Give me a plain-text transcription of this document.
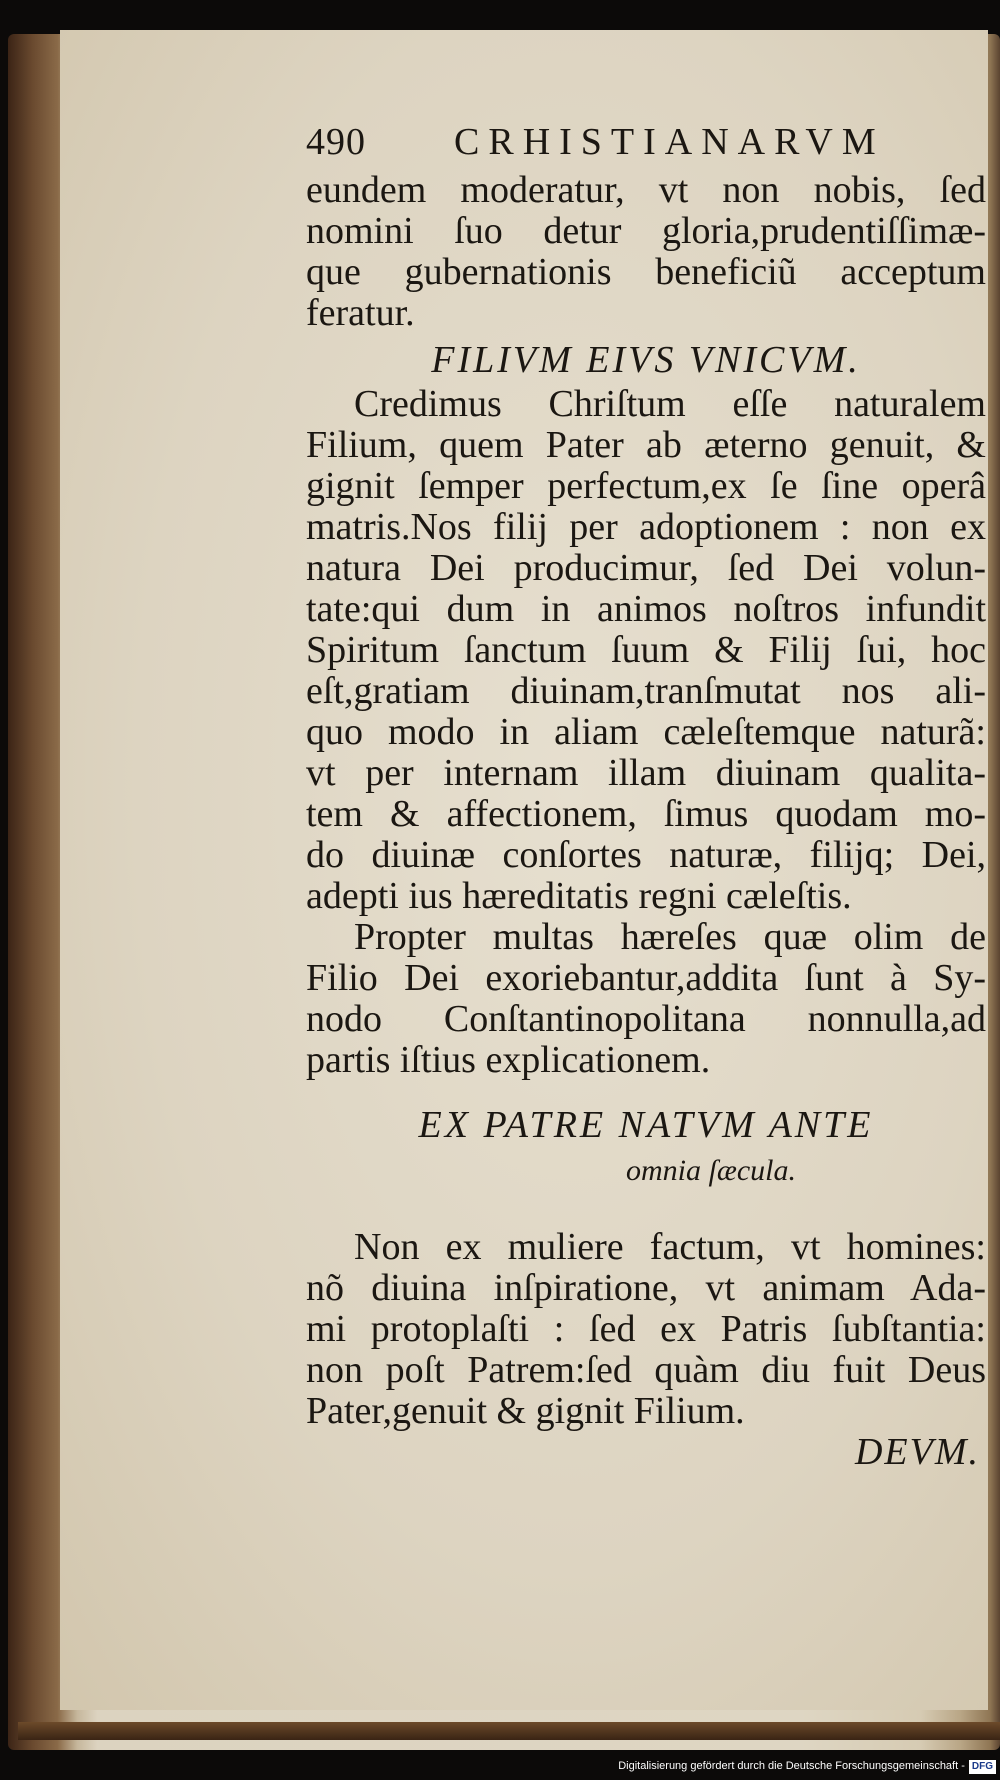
490 CRHISTIANARVM
eundem moderatur, vt non nobis, ſed
nomini ſuo detur gloria,prudentiſſimæ-
que gubernationis beneficiũ acceptum
feratur.
FILIVM EIVS VNICVM.
Credimus Chriſtum eſſe naturalem
Filium, quem Pater ab æterno genuit, &
gignit ſemper perfectum,ex ſe ſine operâ
matris.Nos filij per adoptionem : non ex
natura Dei producimur, ſed Dei volun-
tate:qui dum in animos noſtros infundit
Spiritum ſanctum ſuum & Filij ſui, hoc
eſt,gratiam diuinam,tranſmutat nos ali-
quo modo in aliam cæleſtemque naturã:
vt per internam illam diuinam qualita-
tem & affectionem, ſimus quodam mo-
do diuinæ conſortes naturæ, filijq; Dei,
adepti ius hæreditatis regni cæleſtis.
Propter multas hæreſes quæ olim de
Filio Dei exoriebantur,addita ſunt à Sy-
nodo Conſtantinopolitana nonnulla,ad
partis iſtius explicationem.
EX PATRE NATVM ANTE
omnia ſæcula.
Non ex muliere factum, vt homines:
nõ diuina inſpiratione, vt animam Ada-
mi protoplaſti : ſed ex Patris ſubſtantia:
non poſt Patrem:ſed quàm diu fuit Deus
Pater,genuit & gignit Filium.
DEVM.
Digitalisierung gefördert durch die Deutsche Forschungsgemeinschaft - DFG
